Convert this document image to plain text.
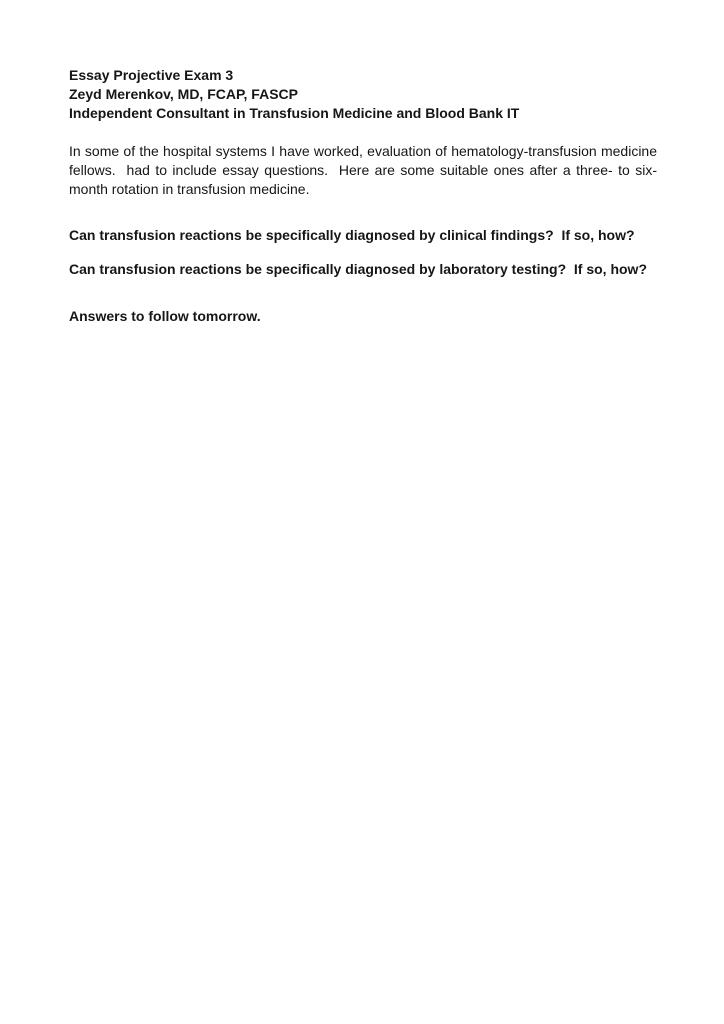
Essay Projective Exam 3
Zeyd Merenkov, MD, FCAP, FASCP
Independent Consultant in Transfusion Medicine and Blood Bank IT

In some of the hospital systems I have worked, evaluation of hematology-transfusion medicine fellows.  had to include essay questions.  Here are some suitable ones after a three- to six-month rotation in transfusion medicine.

Can transfusion reactions be specifically diagnosed by clinical findings?  If so, how?

Can transfusion reactions be specifically diagnosed by laboratory testing?  If so, how?

Answers to follow tomorrow.
